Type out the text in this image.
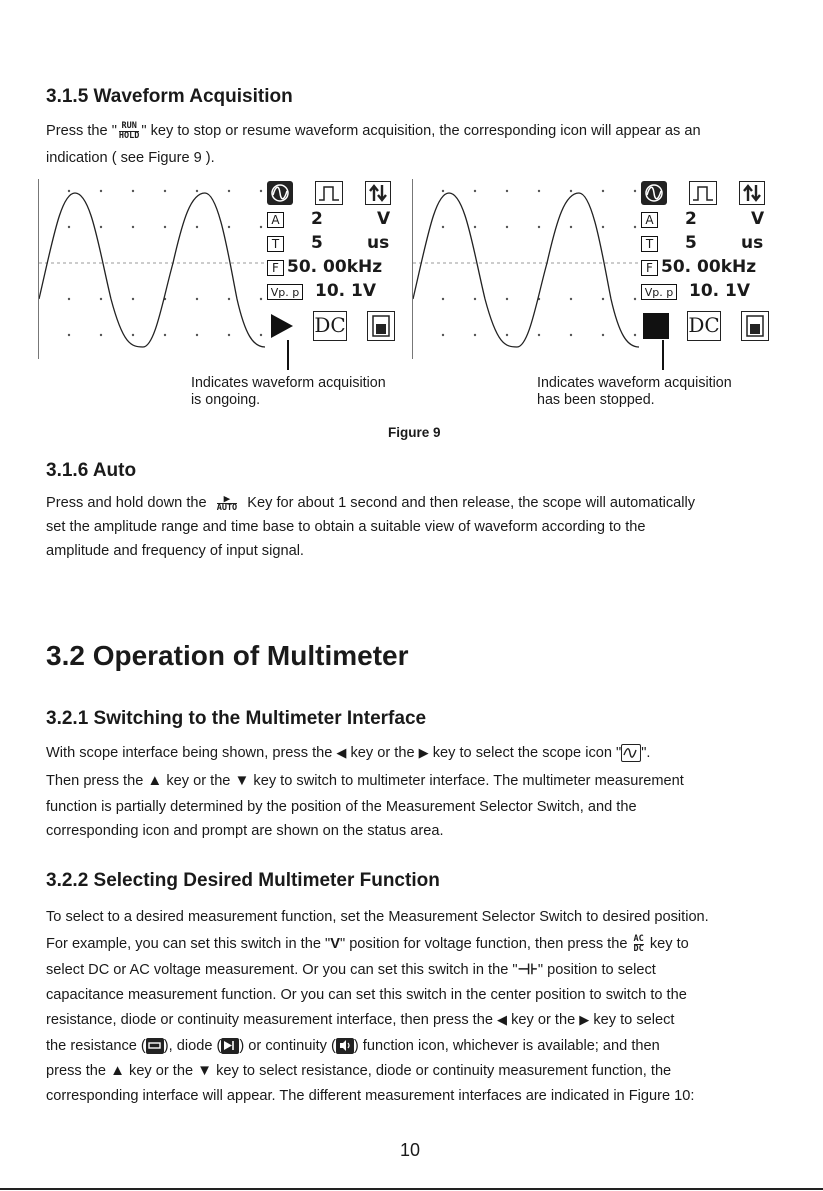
3.1.5 Waveform Acquisition
Press the " RUN
HOLD " key to stop or resume waveform acquisition, the corresponding icon will appear as an
indication ( see Figure 9 ).
A 2	V
T 5	us
F 50. 00kHz
Vp. p 10. 1V
DC
Indicates waveform acquisition
is ongoing.
A 2	V
T 5	us
F 50. 00kHz
Vp. p 10. 1V
DC
Indicates waveform acquisition
has been stopped.
Figure 9
3.1.6 Auto
Press and hold down the	▶
AUTO Key for about 1 second and then release, the scope will automatically
set the amplitude range and time base to obtain a suitable view of waveform according to the
amplitude and frequency of input signal.
3.2 Operation of Multimeter
3.2.1 Switching to the Multimeter Interface
With scope interface being shown, press the ◀ key or the ▶ key to select the scope icon " ".
Then press the ▲ key or the ▼ key to switch to multimeter interface. The multimeter measurement
function is partially determined by the position of the Measurement Selector Switch, and the
corresponding icon and prompt are shown on the status area.
3.2.2 Selecting Desired Multimeter Function
To select to a desired measurement function, set the Measurement Selector Switch to desired position.
For example, you can set this switch in the "V" position for voltage function, then press the $\frac{AC}{DC}$ key to
select DC or AC voltage measurement. Or you can set this switch in the "⊣⊦" position to select
capacitance measurement function. Or you can set this switch in the center position to switch to the
resistance, diode or continuity measurement interface, then press the ◀ key or the ▶ key to select
the resistance ( ), diode ( ) or continuity ( ) function icon, whichever is available; and then
press the ▲ key or the ▼ key to select resistance, diode or continuity measurement function, the
corresponding interface will appear. The different measurement interfaces are indicated in Figure 10:
10
